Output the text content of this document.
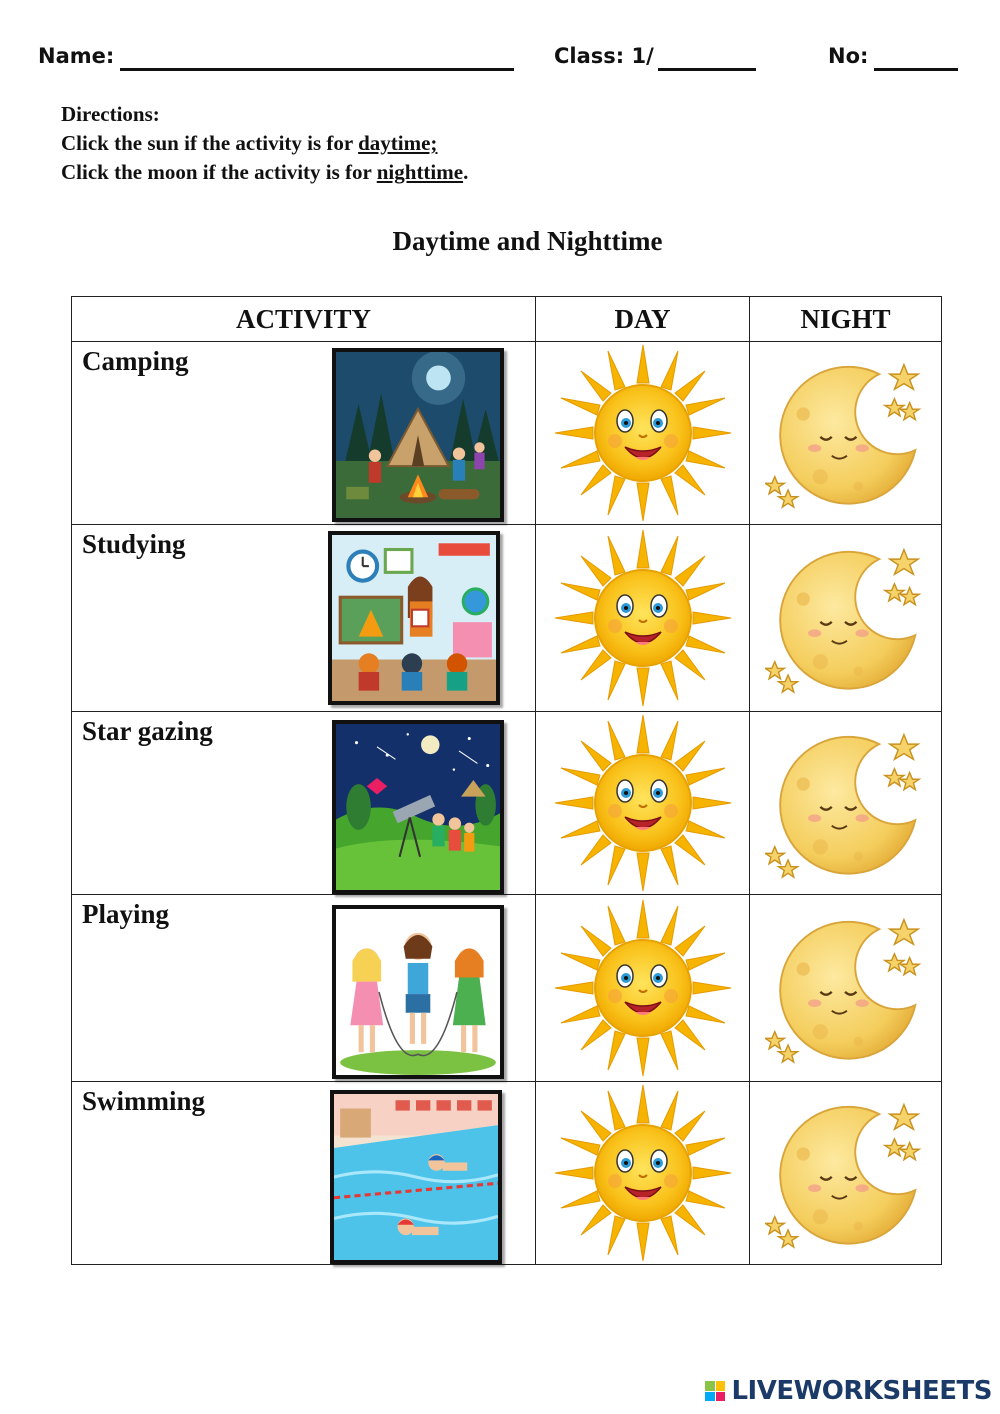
Name:	Class: 1/	No:
Directions:
Click the sun if the activity is for daytime;
Click the moon if the activity is for nighttime.
Daytime and Nighttime
ACTIVITY	DAY	NIGHT

Camping

Studying

Star gazing

Playing

Swimming

LIVEWORKSHEETS
